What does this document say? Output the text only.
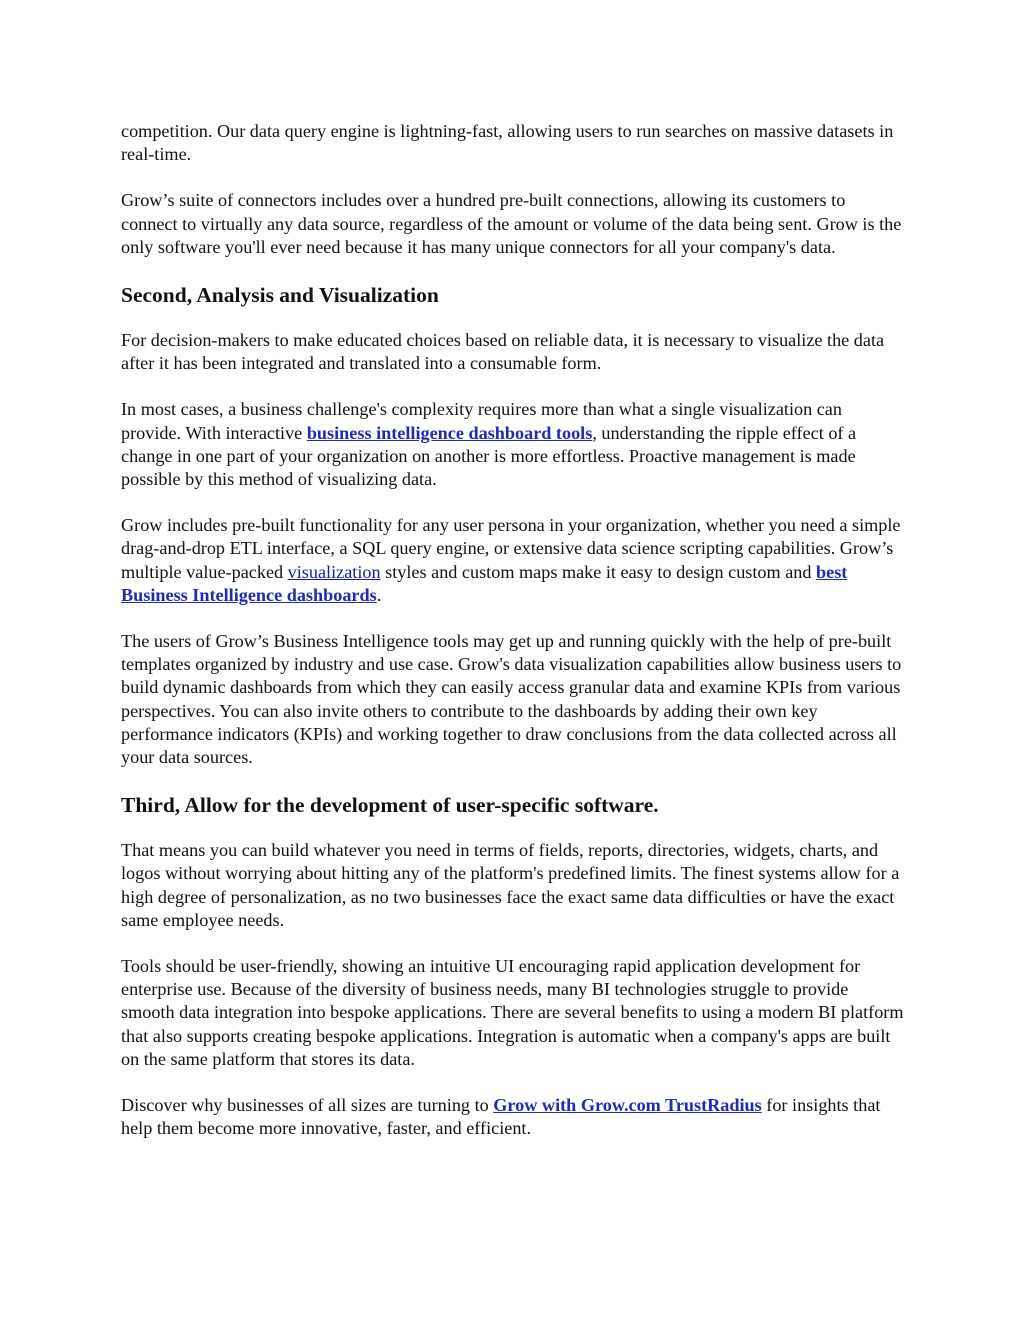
competition. Our data query engine is lightning-fast, allowing users to run searches on massive datasets in real-time.

Grow’s suite of connectors includes over a hundred pre-built connections, allowing its customers to connect to virtually any data source, regardless of the amount or volume of the data being sent. Grow is the only software you'll ever need because it has many unique connectors for all your company's data.

Second, Analysis and Visualization

For decision-makers to make educated choices based on reliable data, it is necessary to visualize the data after it has been integrated and translated into a consumable form.

In most cases, a business challenge's complexity requires more than what a single visualization can provide. With interactive business intelligence dashboard tools, understanding the ripple effect of a change in one part of your organization on another is more effortless. Proactive management is made possible by this method of visualizing data.

Grow includes pre-built functionality for any user persona in your organization, whether you need a simple drag-and-drop ETL interface, a SQL query engine, or extensive data science scripting capabilities. Grow’s multiple value-packed visualization styles and custom maps make it easy to design custom and best Business Intelligence dashboards.

The users of Grow’s Business Intelligence tools may get up and running quickly with the help of pre-built templates organized by industry and use case. Grow's data visualization capabilities allow business users to build dynamic dashboards from which they can easily access granular data and examine KPIs from various perspectives. You can also invite others to contribute to the dashboards by adding their own key performance indicators (KPIs) and working together to draw conclusions from the data collected across all your data sources.

Third, Allow for the development of user-specific software.

That means you can build whatever you need in terms of fields, reports, directories, widgets, charts, and logos without worrying about hitting any of the platform's predefined limits. The finest systems allow for a high degree of personalization, as no two businesses face the exact same data difficulties or have the exact same employee needs.

Tools should be user-friendly, showing an intuitive UI encouraging rapid application development for enterprise use. Because of the diversity of business needs, many BI technologies struggle to provide smooth data integration into bespoke applications. There are several benefits to using a modern BI platform that also supports creating bespoke applications. Integration is automatic when a company's apps are built on the same platform that stores its data.

Discover why businesses of all sizes are turning to Grow with Grow.com TrustRadius for insights that help them become more innovative, faster, and efficient.
